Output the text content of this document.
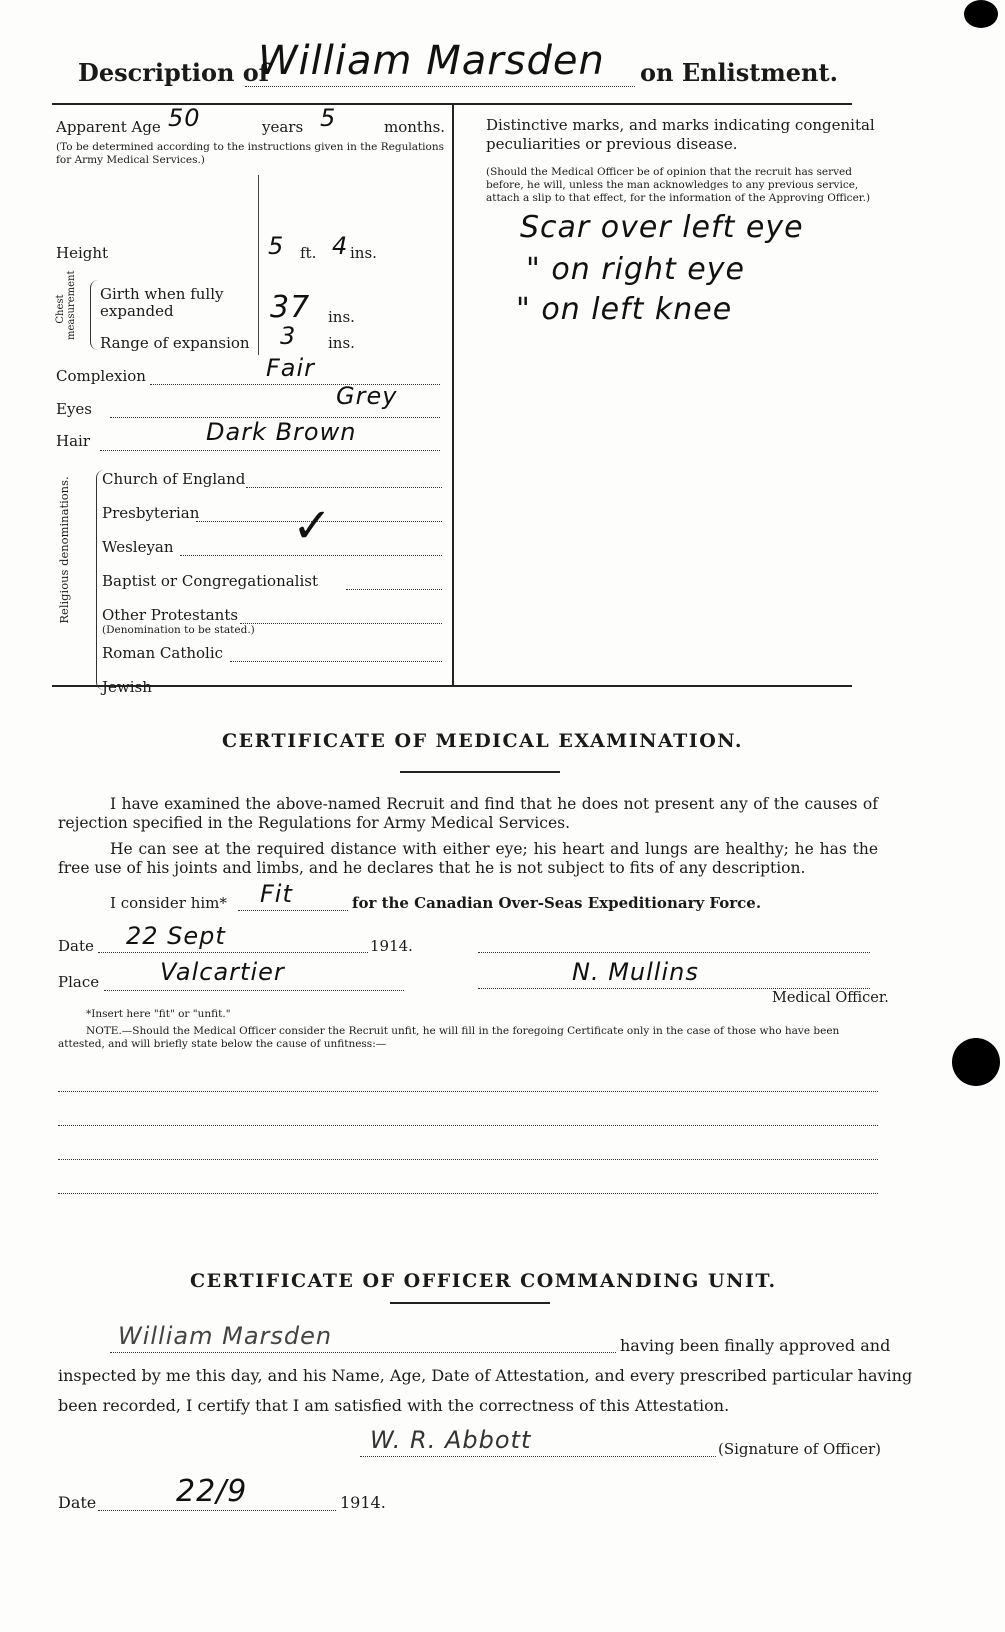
Description of
William Marsden on Enlistment.
Apparent Age 50	years 5	months.
(To be determined according to the instructions given in the Regulations for Army Medical Services.)
Height	5 ft. 4 ins.
Chest measurement Girth when fully expanded	37 ins.
Range of expansion 3 ins.
Complexion	Fair
Eyes	Grey
Hair	Dark Brown
Religious denominations. Church of England
Presbyterian ✓
Wesleyan
Baptist or Congregationalist
Other Protestants
(Denomination to be stated.)
Roman Catholic
Jewish
Distinctive marks, and marks indicating congenital peculiarities or previous disease.
(Should the Medical Officer be of opinion that the recruit has served before, he will, unless the man acknowledges to any previous service, attach a slip to that effect, for the information of the Approving Officer.)
Scar over left eye
" on right eye
" on left knee
CERTIFICATE OF MEDICAL EXAMINATION.
I have examined the above-named Recruit and find that he does not present any of the causes of rejection specified in the Regulations for Army Medical Services.
He can see at the required distance with either eye; his heart and lungs are healthy; he has the free use of his joints and limbs, and he declares that he is not subject to fits of any description.
I consider him* Fit	for the Canadian Over-Seas Expeditionary Force.
Date 22 Sept	1914.
Place	Valcartier	N. Mullins
Medical Officer.
*Insert here "fit" or "unfit."
NOTE.—Should the Medical Officer consider the Recruit unfit, he will fill in the foregoing Certificate only in the case of those who have been attested, and will briefly state below the cause of unfitness:—
CERTIFICATE OF OFFICER COMMANDING UNIT.
William Marsden	having been finally approved and
inspected by me this day, and his Name, Age, Date of Attestation, and every prescribed particular having
been recorded, I certify that I am satisfied with the correctness of this Attestation.
W. R. Abbott	(Signature of Officer)
Date	22/9	1914.
